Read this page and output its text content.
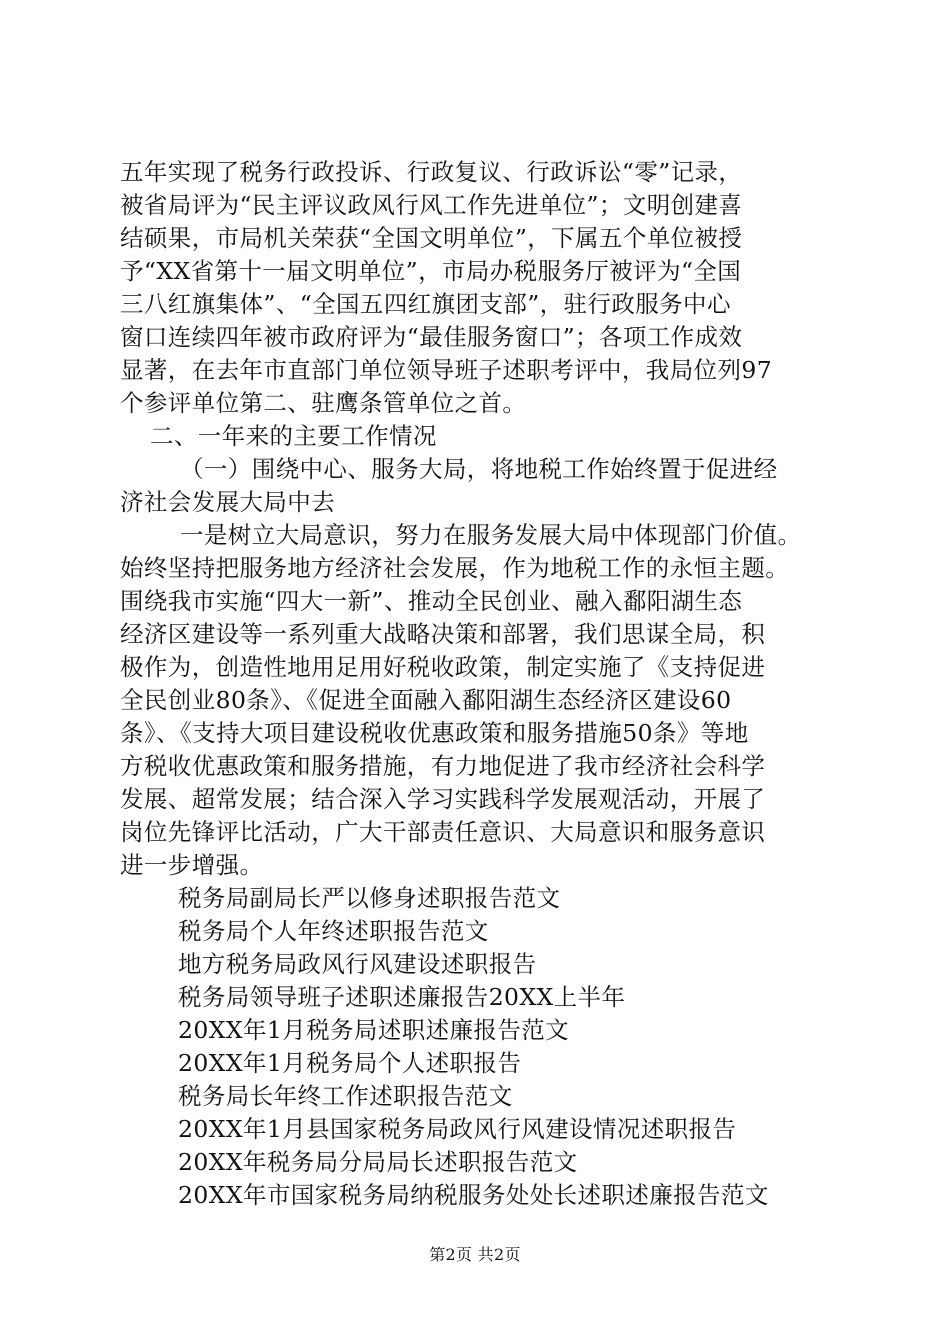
五年实现了税务行政投诉、行政复议、行政诉讼“零”记录，
被省局评为“民主评议政风行风工作先进单位”；文明创建喜
结硕果，市局机关荣获“全国文明单位”，下属五个单位被授
予“XX省第十一届文明单位”，市局办税服务厅被评为“全国
三八红旗集体”、“全国五四红旗团支部”，驻行政服务中心
窗口连续四年被市政府评为“最佳服务窗口”；各项工作成效
显著，在去年市直部门单位领导班子述职考评中，我局位列97
个参评单位第二、驻鹰条管单位之首。
二、一年来的主要工作情况
（一）围绕中心、服务大局，将地税工作始终置于促进经
济社会发展大局中去
一是树立大局意识，努力在服务发展大局中体现部门价值。
始终坚持把服务地方经济社会发展，作为地税工作的永恒主题。
围绕我市实施“四大一新”、推动全民创业、融入鄱阳湖生态
经济区建设等一系列重大战略决策和部署，我们思谋全局，积
极作为，创造性地用足用好税收政策，制定实施了《支持促进
全民创业80条》、《促进全面融入鄱阳湖生态经济区建设60
条》、《支持大项目建设税收优惠政策和服务措施50条》等地
方税收优惠政策和服务措施，有力地促进了我市经济社会科学
发展、超常发展；结合深入学习实践科学发展观活动，开展了
岗位先锋评比活动，广大干部责任意识、大局意识和服务意识
进一步增强。
税务局副局长严以修身述职报告范文
税务局个人年终述职报告范文
地方税务局政风行风建设述职报告
税务局领导班子述职述廉报告20XX上半年
20XX年1月税务局述职述廉报告范文
20XX年1月税务局个人述职报告
税务局长年终工作述职报告范文
20XX年1月县国家税务局政风行风建设情况述职报告
20XX年税务局分局局长述职报告范文
20XX年市国家税务局纳税服务处处长述职述廉报告范文
第2页 共2页
